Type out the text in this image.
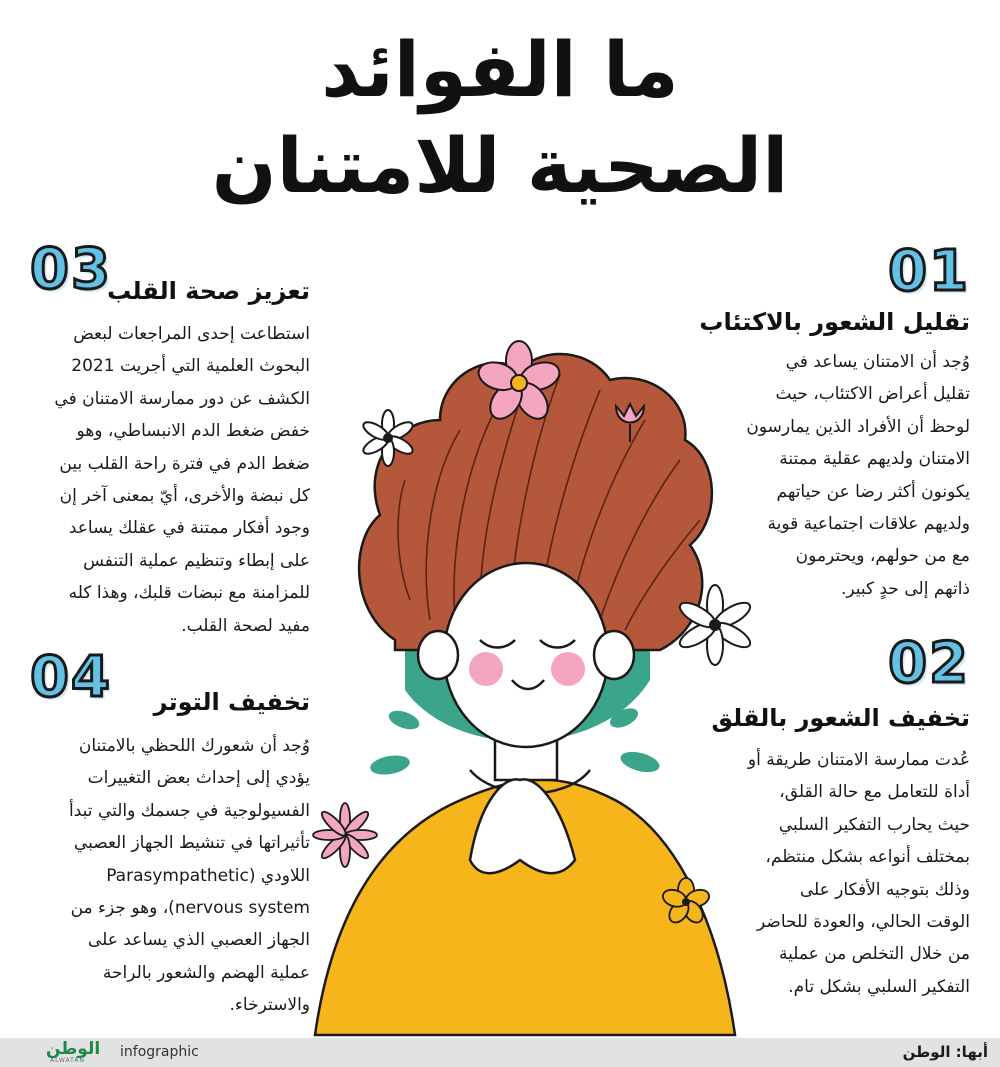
ما الفوائد
الصحية للامتنان
01
تقليل الشعور بالاكتئاب
وُجد أن الامتنان يساعد في
تقليل أعراض الاكتئاب، حيث
لوحظ أن الأفراد الذين يمارسون
الامتنان ولديهم عقلية ممتنة
يكونون أكثر رضا عن حياتهم
ولديهم علاقات اجتماعية قوية
مع من حولهم، ويحترمون
ذاتهم إلى حدٍ كبير.
02
تخفيف الشعور بالقلق
عُدت ممارسة الامتنان طريقة أو
أداة للتعامل مع حالة القلق،
حيث يحارب التفكير السلبي
بمختلف أنواعه بشكل منتظم،
وذلك بتوجيه الأفكار على
الوقت الحالي، والعودة للحاضر
من خلال التخلص من عملية
التفكير السلبي بشكل تام.
03
تعزيز صحة القلب
استطاعت إحدى المراجعات لبعض
البحوث العلمية التي أجريت 2021
الكشف عن دور ممارسة الامتنان في
خفض ضغط الدم الانبساطي، وهو
ضغط الدم في فترة راحة القلب بين
كل نبضة والأخرى، أيّ بمعنى آخر إن
وجود أفكار ممتنة في عقلك يساعد
على إبطاء وتنظيم عملية التنفس
للمزامنة مع نبضات قلبك، وهذا كله
مفيد لصحة القلب.
04 تخفيف التوتر
وُجد أن شعورك اللحظي بالامتنان
يؤدي إلى إحداث بعض التغييرات
الفسيولوجية في جسمك والتي تبدأ
تأثيراتها في تنشيط الجهاز العصبي
اللاودي (Parasympathetic
nervous system)، وهو جزء من
الجهاز العصبي الذي يساعد على
عملية الهضم والشعور بالراحة
والاسترخاء.
أبها: الوطن
الوطن
ALWATAN
infographic
